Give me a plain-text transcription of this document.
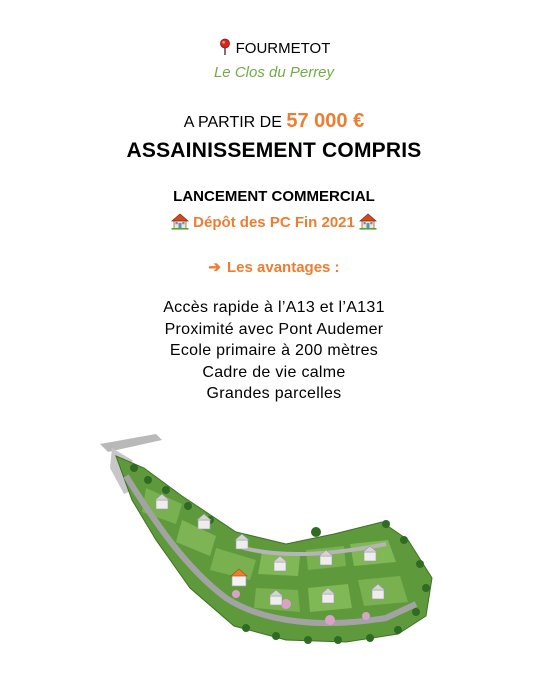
FOURMETOT
Le Clos du Perrey
A PARTIR DE 57 000 €
ASSAINISSEMENT COMPRIS
LANCEMENT COMMERCIAL
Dépôt des PC Fin 2021
➔ Les avantages :
Accès rapide à l’A13 et l’A131
Proximité avec Pont Audemer
Ecole primaire à 200 mètres
Cadre de vie calme
Grandes parcelles
